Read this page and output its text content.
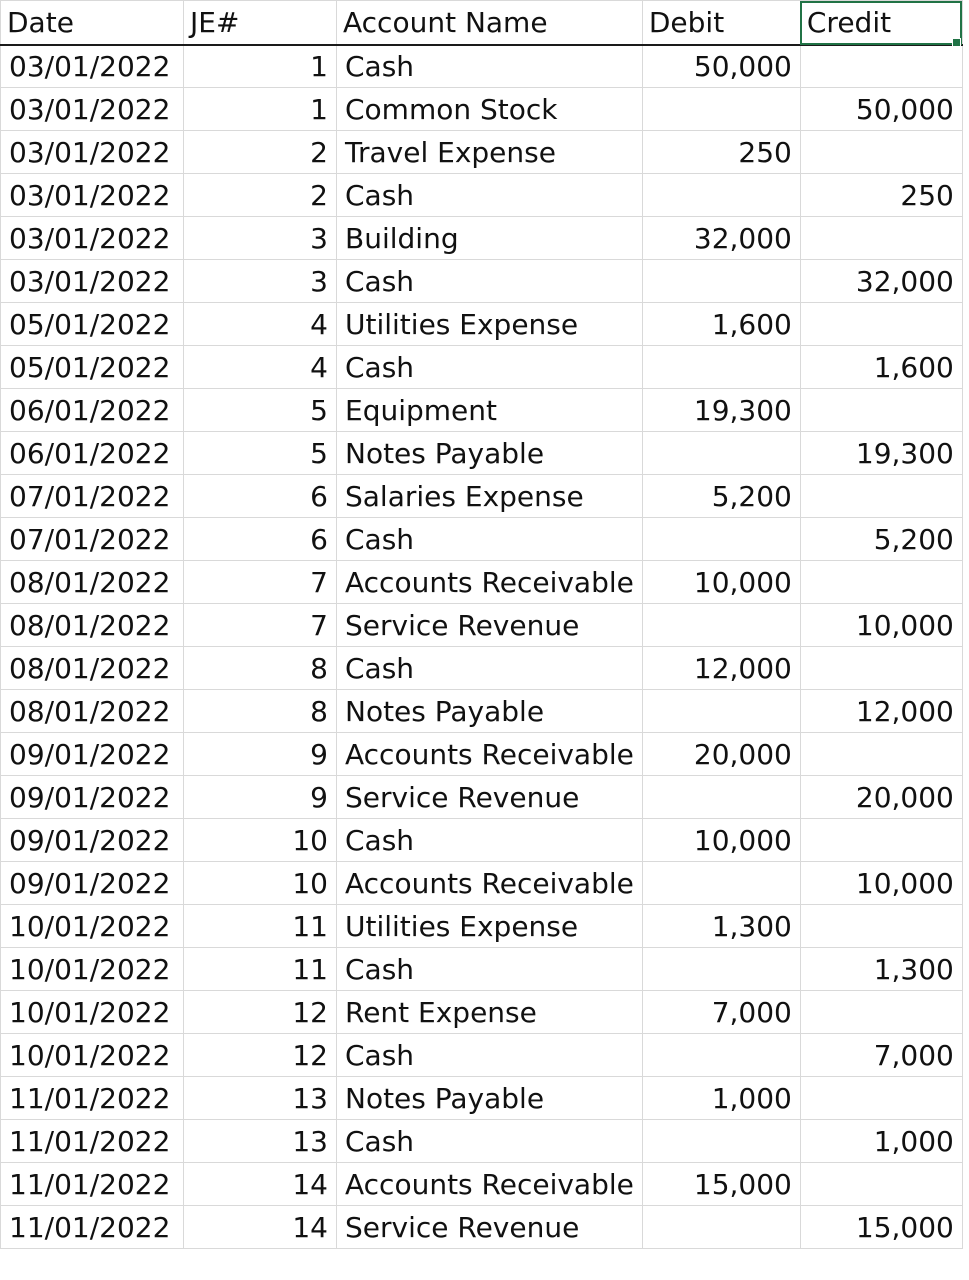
Date	JE#	Account Name	Debit	Credit
03/01/2022	1	Cash	50,000	
03/01/2022	1	Common Stock		50,000
03/01/2022	2	Travel Expense	250	
03/01/2022	2	Cash		250
03/01/2022	3	Building	32,000	
03/01/2022	3	Cash		32,000
05/01/2022	4	Utilities Expense	1,600	
05/01/2022	4	Cash		1,600
06/01/2022	5	Equipment	19,300	
06/01/2022	5	Notes Payable		19,300
07/01/2022	6	Salaries Expense	5,200	
07/01/2022	6	Cash		5,200
08/01/2022	7	Accounts Receivable	10,000	
08/01/2022	7	Service Revenue		10,000
08/01/2022	8	Cash	12,000	
08/01/2022	8	Notes Payable		12,000
09/01/2022	9	Accounts Receivable	20,000	
09/01/2022	9	Service Revenue		20,000
09/01/2022	10	Cash	10,000	
09/01/2022	10	Accounts Receivable		10,000
10/01/2022	11	Utilities Expense	1,300	
10/01/2022	11	Cash		1,300
10/01/2022	12	Rent Expense	7,000	
10/01/2022	12	Cash		7,000
11/01/2022	13	Notes Payable	1,000	
11/01/2022	13	Cash		1,000
11/01/2022	14	Accounts Receivable	15,000	
11/01/2022	14	Service Revenue		15,000
